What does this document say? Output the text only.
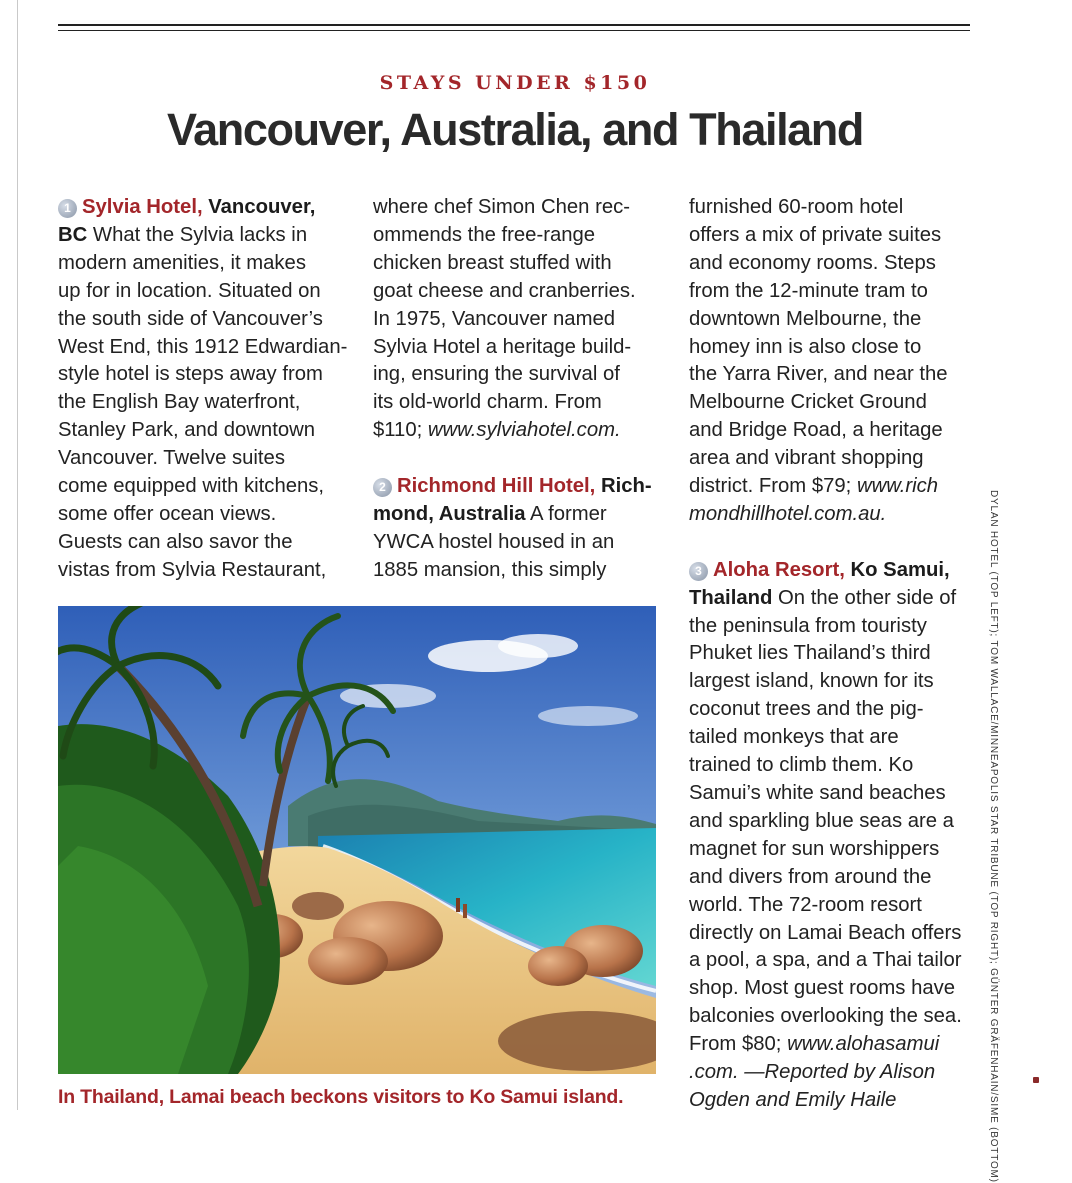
STAYS UNDER $150
Vancouver, Australia, and Thailand
1 Sylvia Hotel, Vancouver,
BC What the Sylvia lacks in
modern amenities, it makes
up for in location. Situated on
the south side of Vancouver’s
West End, this 1912 Edwardian-
style hotel is steps away from
the English Bay waterfront,
Stanley Park, and downtown
Vancouver. Twelve suites
come equipped with kitchens,
some offer ocean views.
Guests can also savor the
vistas from Sylvia Restaurant,
where chef Simon Chen rec-
ommends the free-range
chicken breast stuffed with
goat cheese and cranberries.
In 1975, Vancouver named
Sylvia Hotel a heritage build-
ing, ensuring the survival of
its old-world charm. From
$110; www.sylviahotel.com.
2 Richmond Hill Hotel, Rich-
mond, Australia A former
YWCA hostel housed in an
1885 mansion, this simply
furnished 60-room hotel
offers a mix of private suites
and economy rooms. Steps
from the 12-minute tram to
downtown Melbourne, the
homey inn is also close to
the Yarra River, and near the
Melbourne Cricket Ground
and Bridge Road, a heritage
area and vibrant shopping
district. From $79; www.rich
mondhillhotel.com.au.
3 Aloha Resort, Ko Samui,
Thailand On the other side of
the peninsula from touristy
Phuket lies Thailand’s third
largest island, known for its
coconut trees and the pig-
tailed monkeys that are
trained to climb them. Ko
Samui’s white sand beaches
and sparkling blue seas are a
magnet for sun worshippers
and divers from around the
world. The 72-room resort
directly on Lamai Beach offers
a pool, a spa, and a Thai tailor
shop. Most guest rooms have
balconies overlooking the sea.
From $80; www.alohasamui
.com. —Reported by Alison
Ogden and Emily Haile
In Thailand, Lamai beach beckons visitors to Ko Samui island.	DYLAN HOTEL (TOP LEFT); TOM WALLACE/MINNEAPOLIS STAR TRIBUNE (TOP RIGHT); GÜNTER GRÄFENHAIN/SIME (BOTTOM)
